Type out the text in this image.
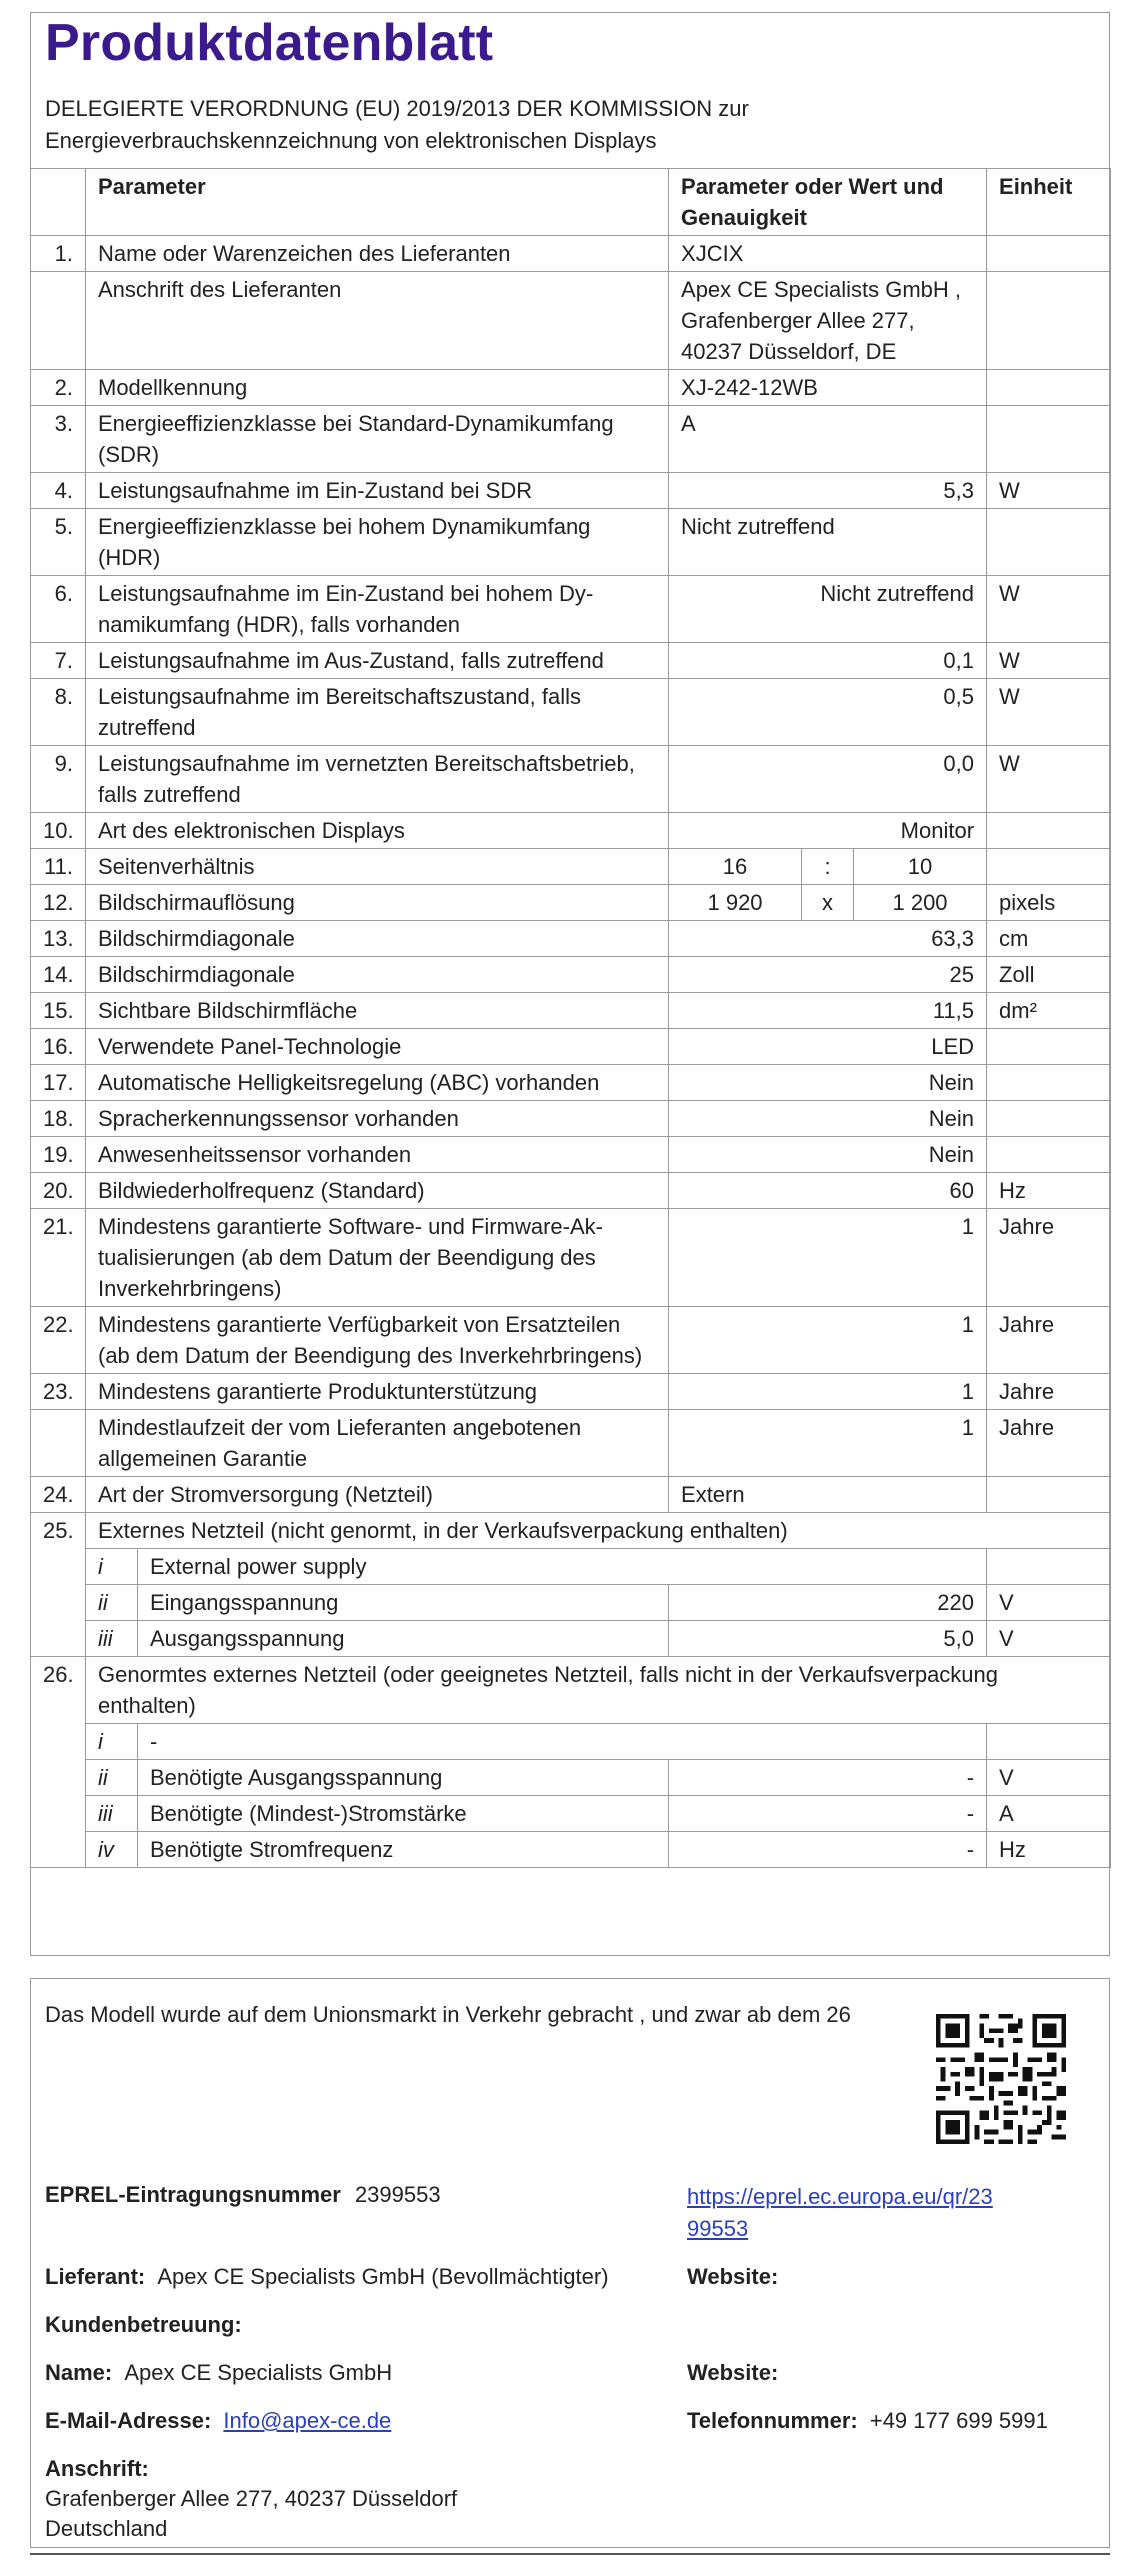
Produktdatenblatt
DELEGIERTE VERORDNUNG (EU) 2019/2013 DER KOMMISSION zur
Energieverbrauchskennzeichnung von elektronischen Displays
	Parameter		Parameter oder Wert und Genauigkeit			Einheit
1.	Name oder Warenzeichen des Lieferanten		XJCIX			
	Anschrift des Lieferanten		Apex CE Specialists GmbH , Grafenberger Allee 277, 40237 Düsseldorf, DE			
2.	Modellkennung		XJ-242-12WB			
3.	Energieeffizienzklasse bei Standard-Dynamikumfang (SDR)		A			
4.	Leistungsaufnahme im Ein-Zustand bei SDR		5,3			W
5.	Energieeffizienzklasse bei hohem Dynamikumfang (HDR)		Nicht zutreffend			
6.	Leistungsaufnahme im Ein-Zustand bei hohem Dynamikumfang (HDR), falls vorhanden		Nicht zutreffend			W
7.	Leistungsaufnahme im Aus-Zustand, falls zutreffend		0,1			W
8.	Leistungsaufnahme im Bereitschaftszustand, falls zutreffend		0,5			W
9.	Leistungsaufnahme im vernetzten Bereitschaftsbetrieb, falls zutreffend		0,0			W
10.	Art des elektronischen Displays		Monitor			
11.	Seitenverhältnis		16	:	10	
12.	Bildschirmauflösung		1 920	x	1 200	pixels
13.	Bildschirmdiagonale		63,3			cm
14.	Bildschirmdiagonale		25			Zoll
15.	Sichtbare Bildschirmfläche		11,5			dm²
16.	Verwendete Panel-Technologie		LED			
17.	Automatische Helligkeitsregelung (ABC) vorhanden		Nein			
18.	Spracherkennungssensor vorhanden		Nein			
19.	Anwesenheitssensor vorhanden		Nein			
20.	Bildwiederholfrequenz (Standard)		60			Hz
21.	Mindestens garantierte Software- und Firmware-Aktualisierungen (ab dem Datum der Beendigung des Inverkehrbringens)		1			Jahre
22.	Mindestens garantierte Verfügbarkeit von Ersatzteilen (ab dem Datum der Beendigung des Inverkehrbringens)		1			Jahre
23.	Mindestens garantierte Produktunterstützung		1			Jahre
	Mindestlaufzeit der vom Lieferanten angebotenen allgemeinen Garantie		1			Jahre
24.	Art der Stromversorgung (Netzteil)		Extern			
25.	Externes Netzteil (nicht genormt, in der Verkaufsverpackung enthalten)					
	i	External power supply				
	ii	Eingangsspannung	220			V
	iii	Ausgangsspannung	5,0			V
26.	Genormtes externes Netzteil (oder geeignetes Netzteil, falls nicht in der Verkaufsverpackung enthalten)					
	i	-				
	ii	Benötigte Ausgangsspannung	-			V
	iii	Benötigte (Mindest-)Stromstärke	-			A
	iv	Benötigte Stromfrequenz	-			Hz
Das Modell wurde auf dem Unionsmarkt in Verkehr gebracht , und zwar ab dem 26
EPREL-Eintragungsnummer 2399553	https://eprel.ec.europa.eu/qr/23
99553
Lieferant: Apex CE Specialists GmbH (Bevollmächtigter)	Website:
Kundenbetreuung:
Name: Apex CE Specialists GmbH	Website:
E-Mail-Adresse: Info@apex-ce.de	Telefonnummer: +49 177 699 5991
Anschrift:
Grafenberger Allee 277, 40237 Düsseldorf
Deutschland
